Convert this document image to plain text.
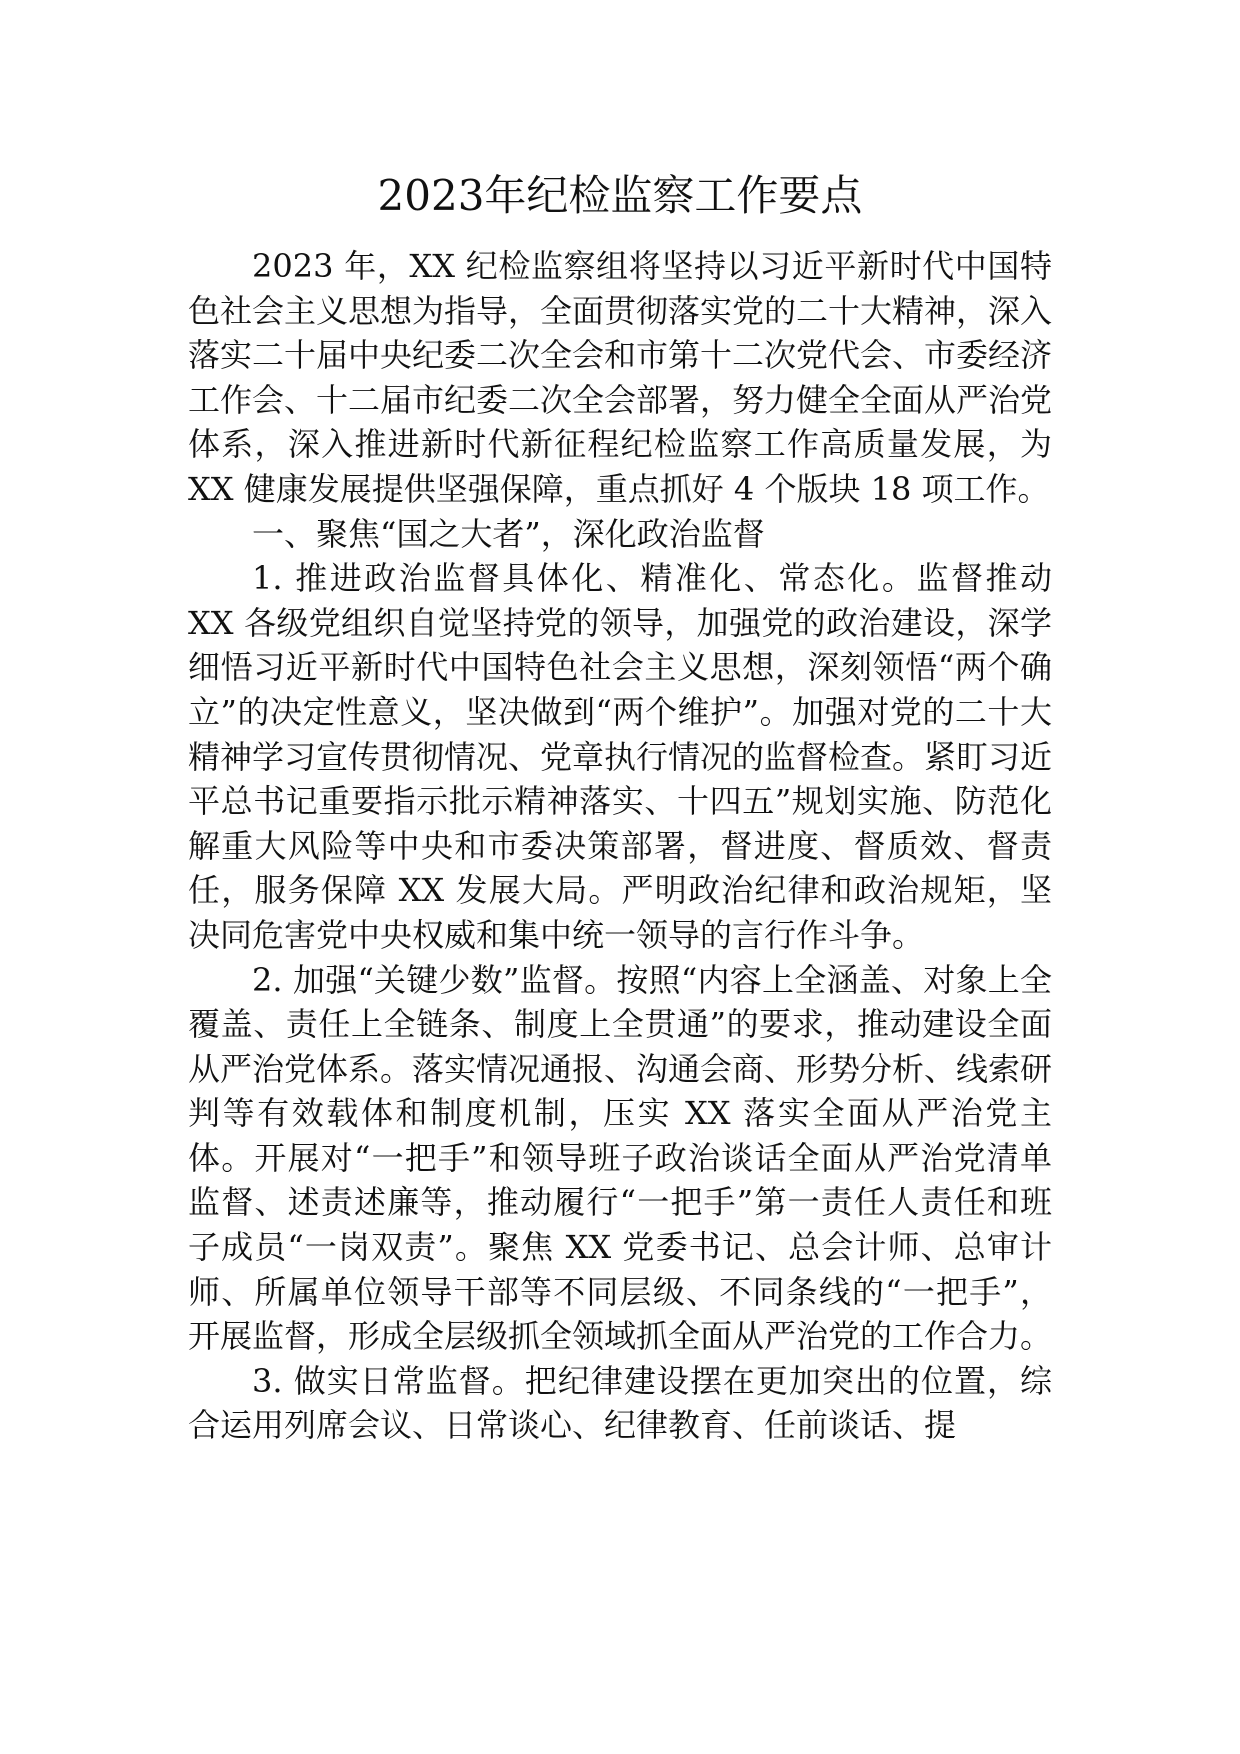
2023年纪检监察工作要点

2023 年，XX 纪检监察组将坚持以习近平新时代中国特色社会主义思想为指导，全面贯彻落实党的二十大精神，深入落实二十届中央纪委二次全会和市第十二次党代会、市委经济工作会、十二届市纪委二次全会部署，努力健全全面从严治党体系，深入推进新时代新征程纪检监察工作高质量发展，为 XX 健康发展提供坚强保障，重点抓好 4 个版块 18 项工作。

一、聚焦“国之大者”，深化政治监督

1. 推进政治监督具体化、精准化、常态化。监督推动 XX 各级党组织自觉坚持党的领导，加强党的政治建设，深学细悟习近平新时代中国特色社会主义思想，深刻领悟“两个确立”的决定性意义，坚决做到“两个维护”。加强对党的二十大精神学习宣传贯彻情况、党章执行情况的监督检查。紧盯习近平总书记重要指示批示精神落实、十四五”规划实施、防范化解重大风险等中央和市委决策部署，督进度、督质效、督责任，服务保障 XX 发展大局。严明政治纪律和政治规矩，坚决同危害党中央权威和集中统一领导的言行作斗争。

2. 加强“关键少数”监督。按照“内容上全涵盖、对象上全覆盖、责任上全链条、制度上全贯通”的要求，推动建设全面从严治党体系。落实情况通报、沟通会商、形势分析、线索研判等有效载体和制度机制，压实 XX 落实全面从严治党主体。开展对“一把手”和领导班子政治谈话全面从严治党清单监督、述责述廉等，推动履行“一把手”第一责任人责任和班子成员“一岗双责”。聚焦 XX 党委书记、总会计师、总审计师、所属单位领导干部等不同层级、不同条线的“一把手”，开展监督，形成全层级抓全领域抓全面从严治党的工作合力。

3. 做实日常监督。把纪律建设摆在更加突出的位置，综合运用列席会议、日常谈心、纪律教育、任前谈话、提
